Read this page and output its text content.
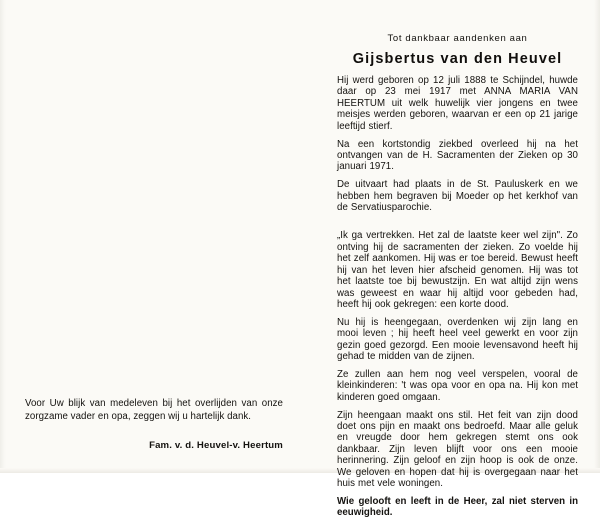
Voor Uw blijk van medeleven bij het overlijden van onze zorgzame vader en opa, zeggen wij u hartelijk dank.

Fam. v. d. Heuvel-v. Heertum

Tot dankbaar aandenken aan

Gijsbertus van den Heuvel

Hij werd geboren op 12 juli 1888 te Schijndel, huwde daar op 23 mei 1917 met ANNA MARIA VAN HEERTUM uit welk huwelijk vier jongens en twee meisjes werden geboren, waarvan er een op 21 jarige leeftijd stierf.

Na een kortstondig ziekbed overleed hij na het ontvangen van de H. Sacramenten der Zieken op 30 januari 1971.

De uitvaart had plaats in de St. Pauluskerk en we hebben hem begraven bij Moeder op het kerkhof van de Servatiusparochie.

„Ik ga vertrekken. Het zal de laatste keer wel zijn". Zo ontving hij de sacramenten der zieken. Zo voelde hij het zelf aankomen. Hij was er toe bereid. Bewust heeft hij van het leven hier afscheid genomen. Hij was tot het laatste toe bij bewustzijn. En wat altijd zijn wens was geweest en waar hij altijd voor gebeden had, heeft hij ook gekregen: een korte dood.

Nu hij is heengegaan, overdenken wij zijn lang en mooi leven ; hij heeft heel veel gewerkt en voor zijn gezin goed gezorgd. Een mooie levensavond heeft hij gehad te midden van de zijnen.

Ze zullen aan hem nog veel verspelen, vooral de kleinkinderen: 't was opa voor en opa na. Hij kon met kinderen goed omgaan.

Zijn heengaan maakt ons stil. Het feit van zijn dood doet ons pijn en maakt ons bedroefd. Maar alle geluk en vreugde door hem gekregen stemt ons ook dankbaar. Zijn leven blijft voor ons een mooie herinnering. Zijn geloof en zijn hoop is ook de onze. We geloven en hopen dat hij is overgegaan naar het huis met vele woningen.

Wie gelooft en leeft in de Heer, zal niet sterven in eeuwigheid.
